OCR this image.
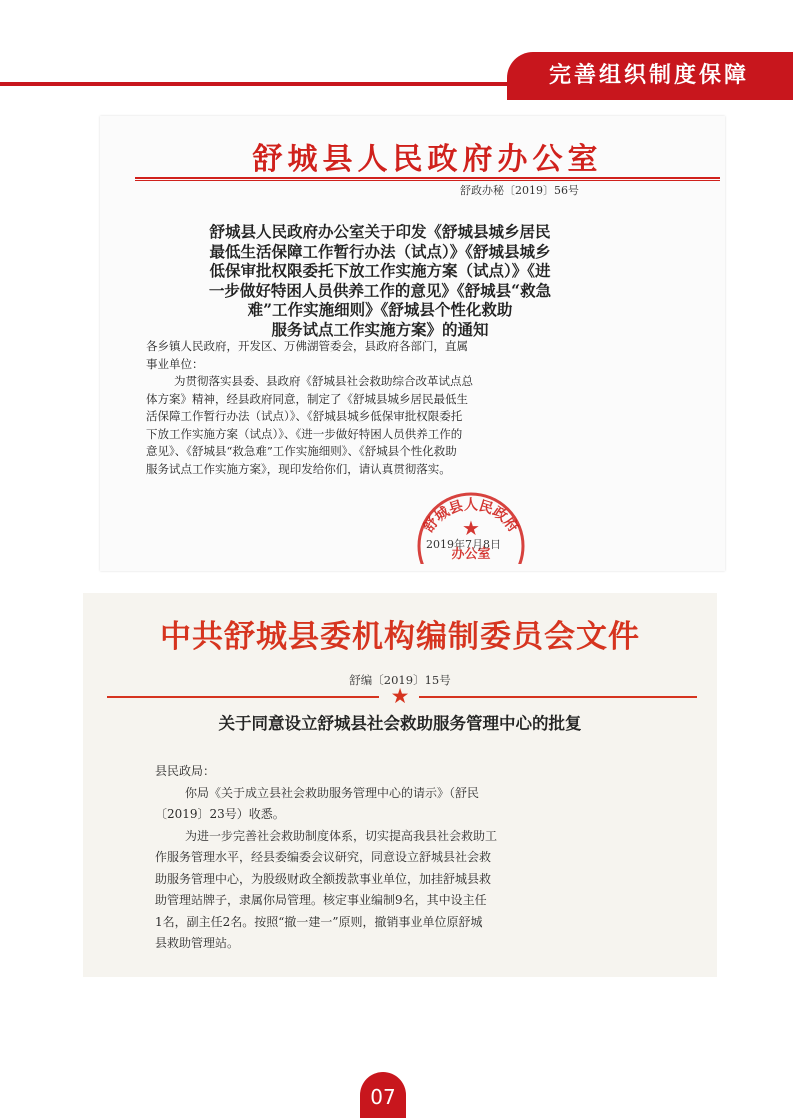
完善组织制度保障
舒城县人民政府办公室
舒政办秘〔2019〕56号
舒城县人民政府办公室关于印发《舒城县城乡居民
最低生活保障工作暂行办法（试点）》《舒城县城乡
低保审批权限委托下放工作实施方案（试点）》《进
一步做好特困人员供养工作的意见》《舒城县“救急
难”工作实施细则》《舒城县个性化救助
服务试点工作实施方案》的通知
各乡镇人民政府，开发区、万佛湖管委会，县政府各部门，直属
事业单位：
为贯彻落实县委、县政府《舒城县社会救助综合改革试点总
体方案》精神，经县政府同意，制定了《舒城县城乡居民最低生
活保障工作暂行办法（试点）》、《舒城县城乡低保审批权限委托
下放工作实施方案（试点）》、《进一步做好特困人员供养工作的
意见》、《舒城县“救急难”工作实施细则》、《舒城县个性化救助
服务试点工作实施方案》，现印发给你们，请认真贯彻落实。
舒城县人民政府
★
办公室
2019年7月8日
中共舒城县委机构编制委员会文件
舒编〔2019〕15号
★
关于同意设立舒城县社会救助服务管理中心的批复
县民政局：
你局《关于成立县社会救助服务管理中心的请示》（舒民
〔2019〕23号）收悉。
为进一步完善社会救助制度体系，切实提高我县社会救助工
作服务管理水平，经县委编委会议研究，同意设立舒城县社会救
助服务管理中心，为股级财政全额拨款事业单位，加挂舒城县救
助管理站牌子，隶属你局管理。核定事业编制9名，其中设主任
1名，副主任2名。按照“撤一建一”原则，撤销事业单位原舒城
县救助管理站。
07
